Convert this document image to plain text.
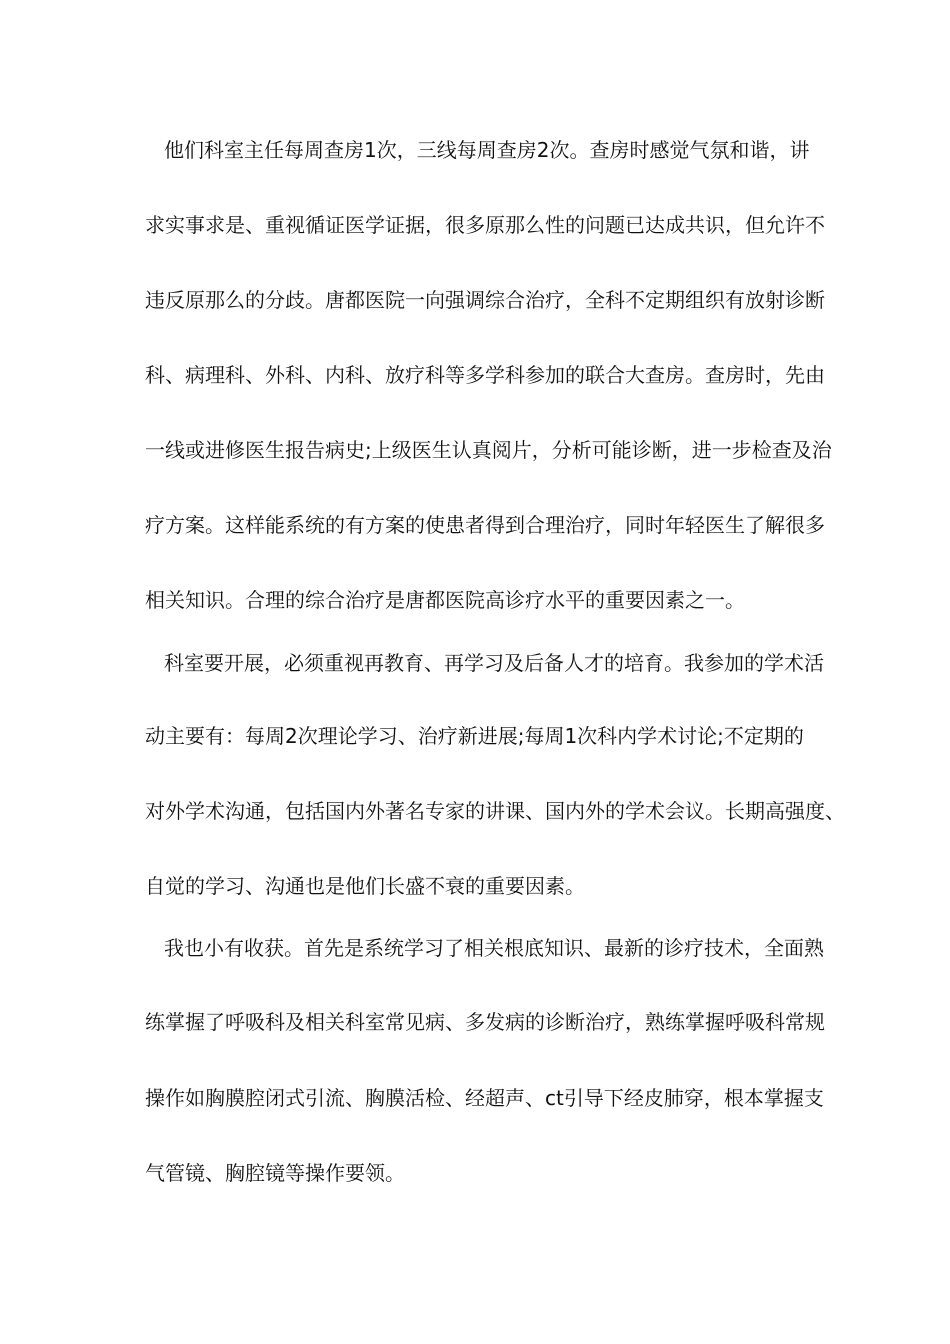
他们科室主任每周查房1次，三线每周查房2次。查房时感觉气氛和谐，讲
求实事求是、重视循证医学证据，很多原那么性的问题已达成共识，但允许不
违反原那么的分歧。唐都医院一向强调综合治疗，全科不定期组织有放射诊断
科、病理科、外科、内科、放疗科等多学科参加的联合大查房。查房时，先由
一线或进修医生报告病史;上级医生认真阅片，分析可能诊断，进一步检查及治
疗方案。这样能系统的有方案的使患者得到合理治疗，同时年轻医生了解很多
相关知识。合理的综合治疗是唐都医院高诊疗水平的重要因素之一。
科室要开展，必须重视再教育、再学习及后备人才的培育。我参加的学术活
动主要有：每周2次理论学习、治疗新进展;每周1次科内学术讨论;不定期的
对外学术沟通，包括国内外著名专家的讲课、国内外的学术会议。长期高强度、
自觉的学习、沟通也是他们长盛不衰的重要因素。
我也小有收获。首先是系统学习了相关根底知识、最新的诊疗技术，全面熟
练掌握了呼吸科及相关科室常见病、多发病的诊断治疗，熟练掌握呼吸科常规
操作如胸膜腔闭式引流、胸膜活检、经超声、ct引导下经皮肺穿，根本掌握支
气管镜、胸腔镜等操作要领。
